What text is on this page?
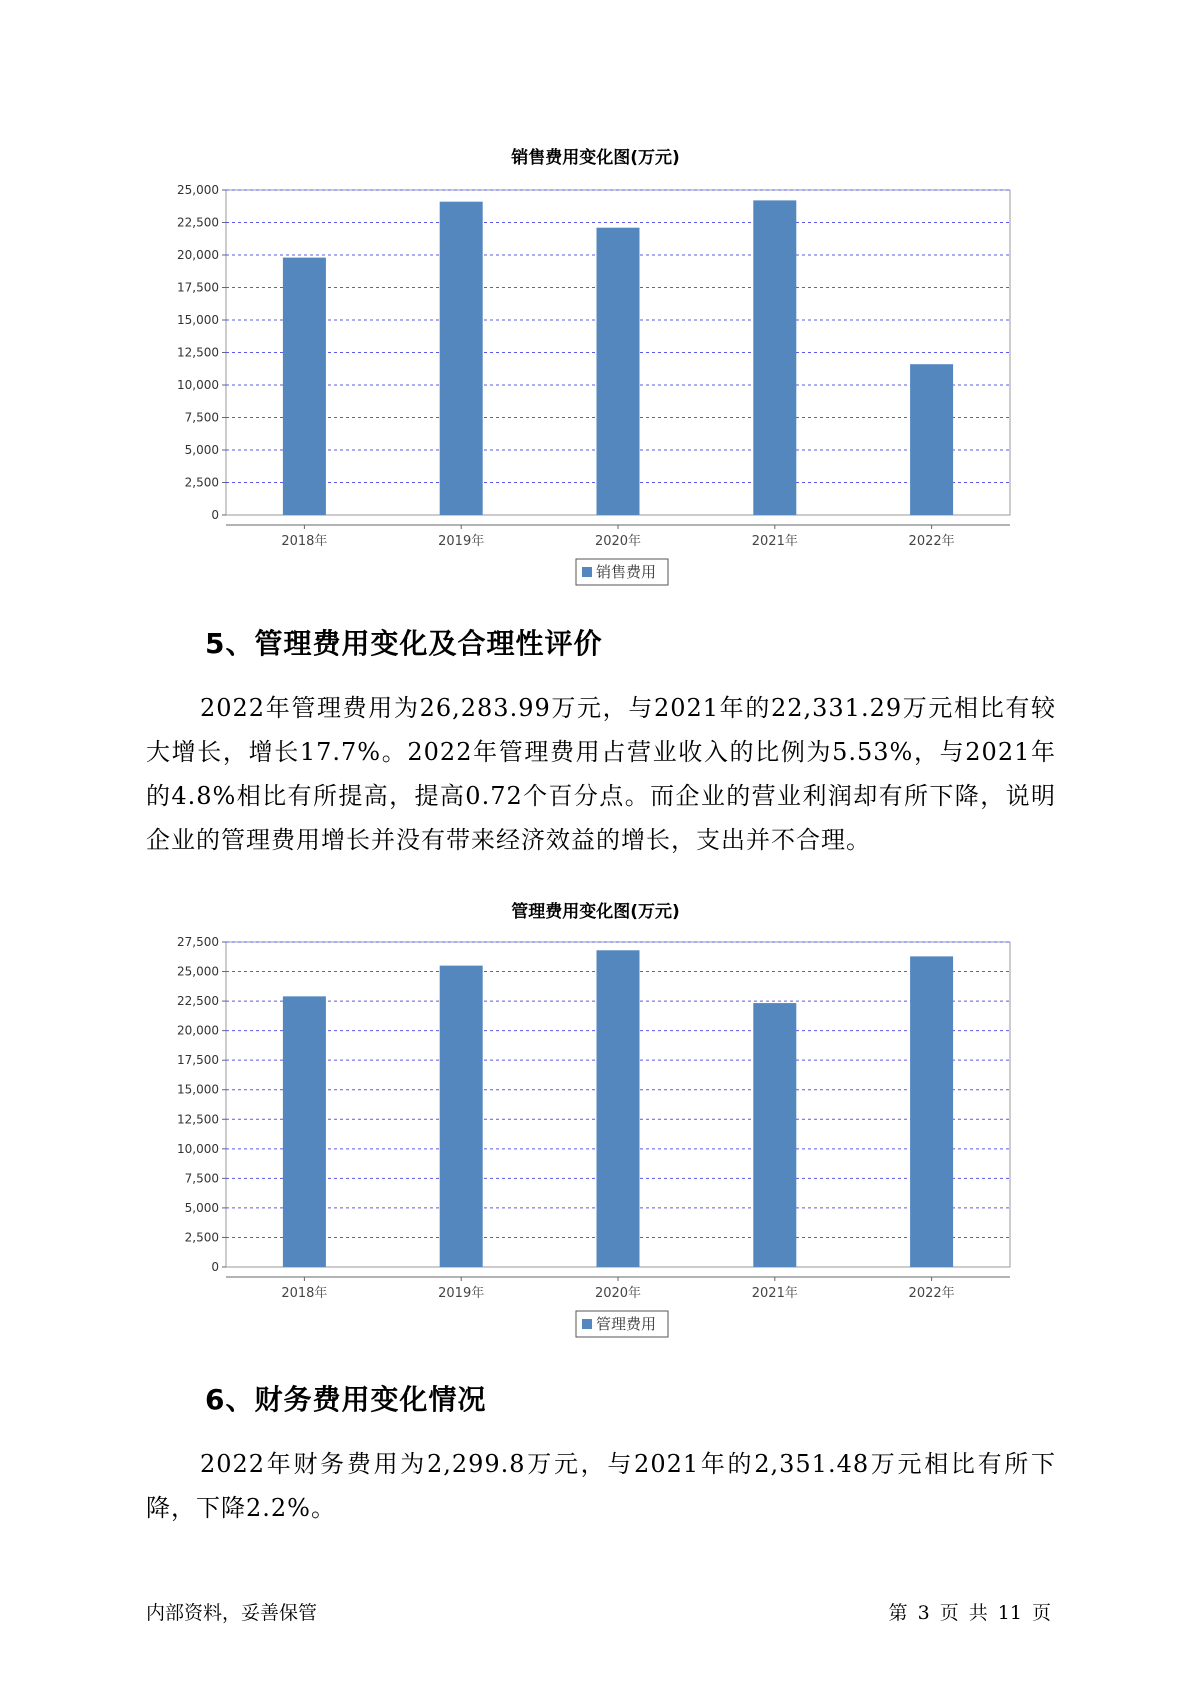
销售费用变化图(万元)
0
2,500
5,000
7,500
10,000
12,500
15,000
17,500
20,000
22,500
25,000
2018年	2019年	2020年	2021年	2022年
销售费用
5、管理费用变化及合理性评价
2022年管理费用为26,283.99万元，与2021年的22,331.29万元相比有较大增长，增长17.7%。2022年管理费用占营业收入的比例为5.53%，与2021年的4.8%相比有所提高，提高0.72个百分点。而企业的营业利润却有所下降，说明企业的管理费用增长并没有带来经济效益的增长，支出并不合理。
管理费用变化图(万元)
0
2,500
5,000
7,500
10,000
12,500
15,000
17,500
20,000
22,500
25,000
27,500
2018年	2019年	2020年	2021年	2022年
管理费用
6、财务费用变化情况
2022年财务费用为2,299.8万元，与2021年的2,351.48万元相比有所下降，下降2.2%。
内部资料，妥善保管	第 3 页 共 11 页
